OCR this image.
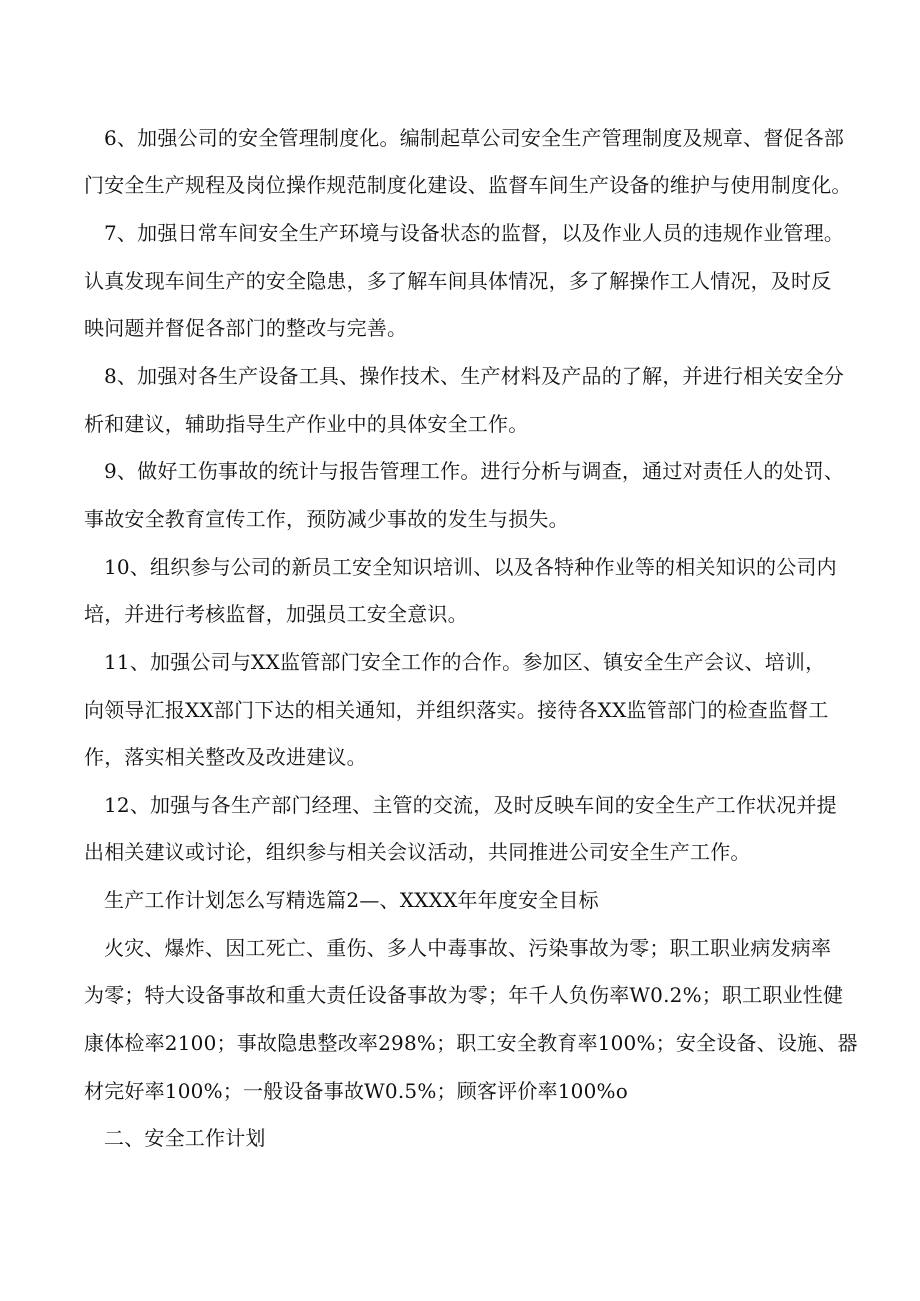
6、加强公司的安全管理制度化。编制起草公司安全生产管理制度及规章、督促各部
门安全生产规程及岗位操作规范制度化建设、监督车间生产设备的维护与使用制度化。
7、加强日常车间安全生产环境与设备状态的监督，以及作业人员的违规作业管理。
认真发现车间生产的安全隐患，多了解车间具体情况，多了解操作工人情况，及时反
映问题并督促各部门的整改与完善。
8、加强对各生产设备工具、操作技术、生产材料及产品的了解，并进行相关安全分
析和建议，辅助指导生产作业中的具体安全工作。
9、做好工伤事故的统计与报告管理工作。进行分析与调查，通过对责任人的处罚、
事故安全教育宣传工作，预防减少事故的发生与损失。
10、组织参与公司的新员工安全知识培训、以及各特种作业等的相关知识的公司内
培，并进行考核监督，加强员工安全意识。
11、加强公司与XX监管部门安全工作的合作。参加区、镇安全生产会议、培训，
向领导汇报XX部门下达的相关通知，并组织落实。接待各XX监管部门的检查监督工
作，落实相关整改及改进建议。
12、加强与各生产部门经理、主管的交流，及时反映车间的安全生产工作状况并提
出相关建议或讨论，组织参与相关会议活动，共同推进公司安全生产工作。
生产工作计划怎么写精选篇2—、XXXX年年度安全目标
火灾、爆炸、因工死亡、重伤、多人中毒事故、污染事故为零；职工职业病发病率
为零；特大设备事故和重大责任设备事故为零；年千人负伤率W0.2%；职工职业性健
康体检率2100；事故隐患整改率298%；职工安全教育率100%；安全设备、设施、器
材完好率100%；一般设备事故W0.5%；顾客评价率100%o
二、安全工作计划
